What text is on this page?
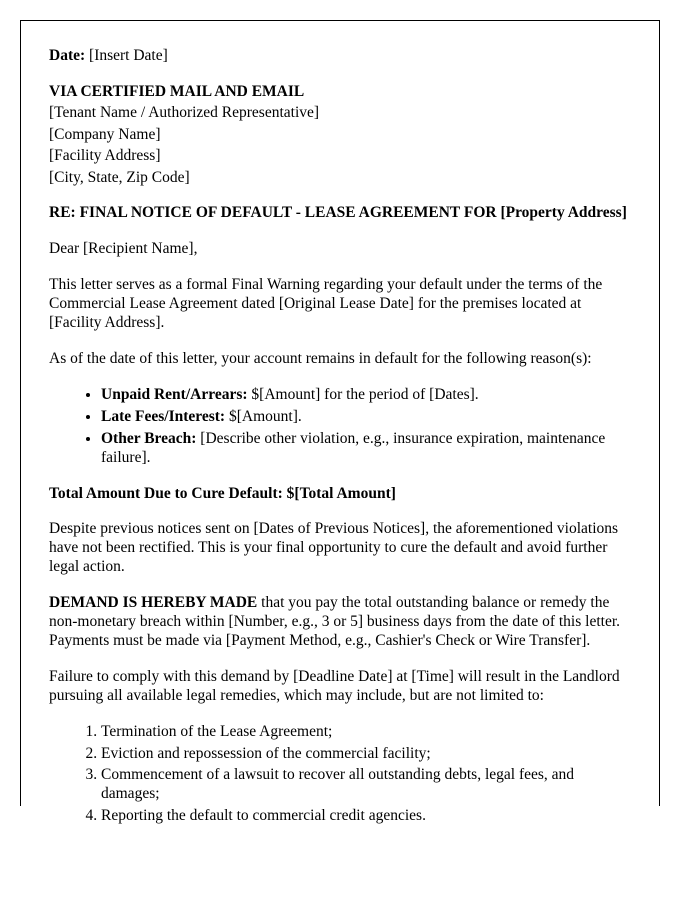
Date: [Insert Date]

VIA CERTIFIED MAIL AND EMAIL

[Tenant Name / Authorized Representative]

[Company Name]

[Facility Address]

[City, State, Zip Code]

RE: FINAL NOTICE OF DEFAULT - LEASE AGREEMENT FOR [Property Address]

Dear [Recipient Name],

This letter serves as a formal Final Warning regarding your default under the terms of the Commercial Lease Agreement dated [Original Lease Date] for the premises located at [Facility Address].

As of the date of this letter, your account remains in default for the following reason(s):

• Unpaid Rent/Arrears: $[Amount] for the period of [Dates].
• Late Fees/Interest: $[Amount].
• Other Breach: [Describe other violation, e.g., insurance expiration, maintenance failure].

Total Amount Due to Cure Default: $[Total Amount]

Despite previous notices sent on [Dates of Previous Notices], the aforementioned violations have not been rectified. This is your final opportunity to cure the default and avoid further legal action.

DEMAND IS HEREBY MADE that you pay the total outstanding balance or remedy the non-monetary breach within [Number, e.g., 3 or 5] business days from the date of this letter. Payments must be made via [Payment Method, e.g., Cashier's Check or Wire Transfer].

Failure to comply with this demand by [Deadline Date] at [Time] will result in the Landlord pursuing all available legal remedies, which may include, but are not limited to:

1. Termination of the Lease Agreement;
2. Eviction and repossession of the commercial facility;
3. Commencement of a lawsuit to recover all outstanding debts, legal fees, and damages;
4. Reporting the default to commercial credit agencies.
